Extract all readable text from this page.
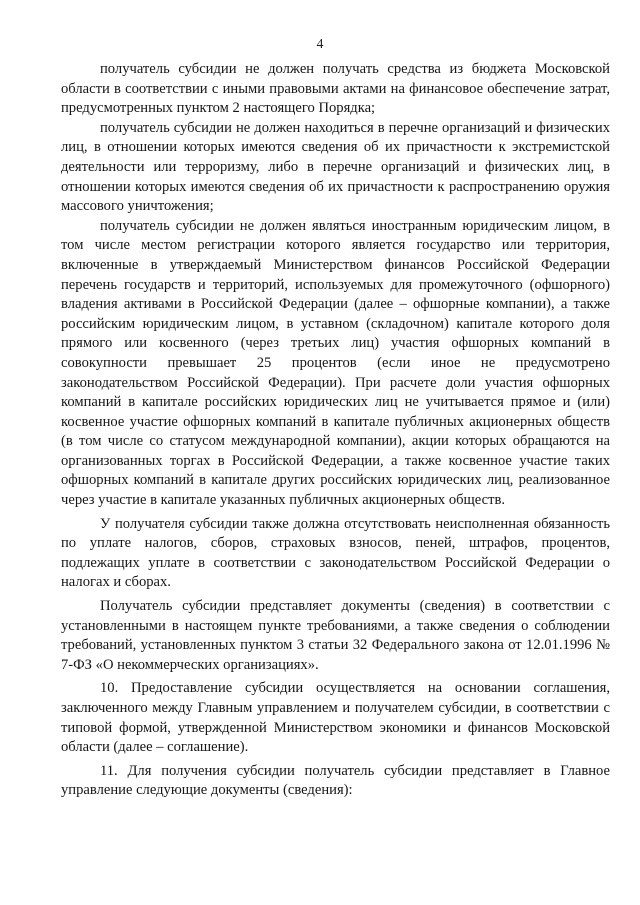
4

получатель субсидии не должен получать средства из бюджета Московской области в соответствии с иными правовыми актами на финансовое обеспечение затрат, предусмотренных пунктом 2 настоящего Порядка;

получатель субсидии не должен находиться в перечне организаций и физических лиц, в отношении которых имеются сведения об их причастности к экстремистской деятельности или терроризму, либо в перечне организаций и физических лиц, в отношении которых имеются сведения об их причастности к распространению оружия массового уничтожения;

получатель субсидии не должен являться иностранным юридическим лицом, в том числе местом регистрации которого является государство или территория, включенные в утверждаемый Министерством финансов Российской Федерации перечень государств и территорий, используемых для промежуточного (офшорного) владения активами в Российской Федерации (далее – офшорные компании), а также российским юридическим лицом, в уставном (складочном) капитале которого доля прямого или косвенного (через третьих лиц) участия офшорных компаний в совокупности превышает 25 процентов (если иное не предусмотрено законодательством Российской Федерации). При расчете доли участия офшорных компаний в капитале российских юридических лиц не учитывается прямое и (или) косвенное участие офшорных компаний в капитале публичных акционерных обществ (в том числе со статусом международной компании), акции которых обращаются на организованных торгах в Российской Федерации, а также косвенное участие таких офшорных компаний в капитале других российских юридических лиц, реализованное через участие в капитале указанных публичных акционерных обществ.

У получателя субсидии также должна отсутствовать неисполненная обязанность по уплате налогов, сборов, страховых взносов, пеней, штрафов, процентов, подлежащих уплате в соответствии с законодательством Российской Федерации о налогах и сборах.

Получатель субсидии представляет документы (сведения) в соответствии с установленными в настоящем пункте требованиями, а также сведения о соблюдении требований, установленных пунктом 3 статьи 32 Федерального закона от 12.01.1996 № 7-ФЗ «О некоммерческих организациях».

10. Предоставление субсидии осуществляется на основании соглашения, заключенного между Главным управлением и получателем субсидии, в соответствии с типовой формой, утвержденной Министерством экономики и финансов Московской области (далее – соглашение).

11. Для получения субсидии получатель субсидии представляет в Главное управление следующие документы (сведения):
